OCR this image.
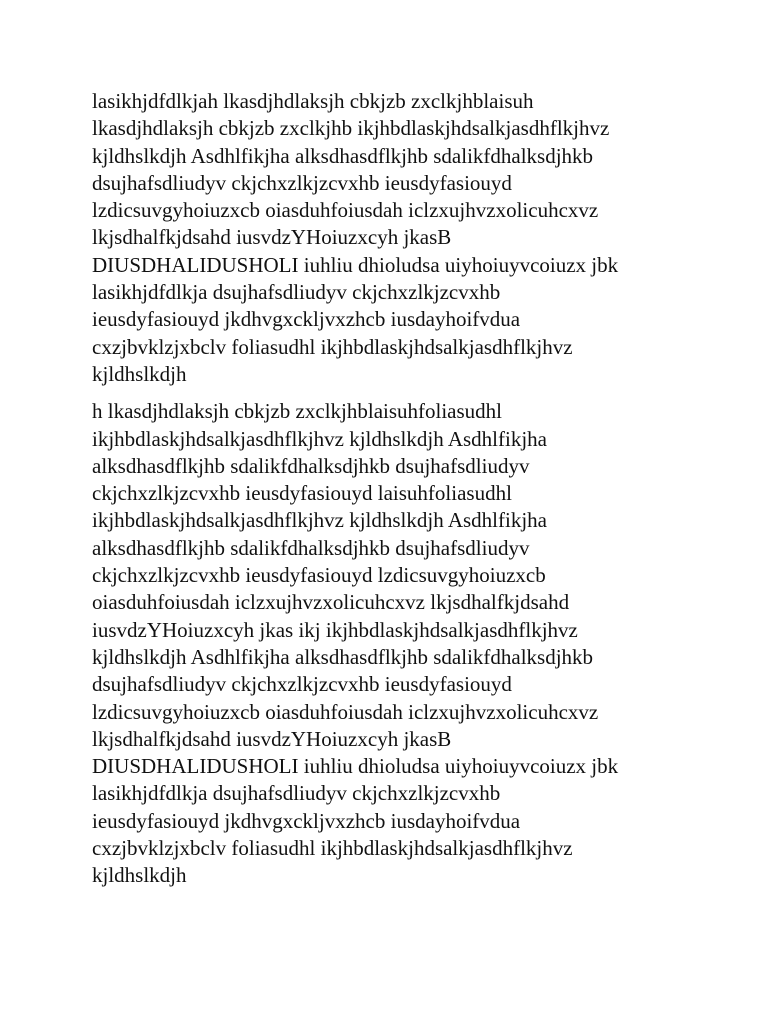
lasikhjdfdlkjah lkasdjhdlaksjh cbkjzb zxclkjhblaisuh
lkasdjhdlaksjh cbkjzb zxclkjhb ikjhbdlaskjhdsalkjasdhflkjhvz
kjldhslkdjh Asdhlfikjha alksdhasdflkjhb sdalikfdhalksdjhkb
dsujhafsdliudyv ckjchxzlkjzcvxhb ieusdyfasiouyd
lzdicsuvgyhoiuzxcb oiasduhfoiusdah iclzxujhvzxolicuhcxvz
lkjsdhalfkjdsahd iusvdzYHoiuzxcyh jkasB
DIUSDHALIDUSHOLI iuhliu dhioludsa uiyhoiuyvcoiuzx jbk
lasikhjdfdlkja dsujhafsdliudyv ckjchxzlkjzcvxhb
ieusdyfasiouyd jkdhvgxckljvxzhcb iusdayhoifvdua
cxzjbvklzjxbclv foliasudhl ikjhbdlaskjhdsalkjasdhflkjhvz
kjldhslkdjh

h lkasdjhdlaksjh cbkjzb zxclkjhblaisuhfoliasudhl
ikjhbdlaskjhdsalkjasdhflkjhvz kjldhslkdjh Asdhlfikjha
alksdhasdflkjhb sdalikfdhalksdjhkb dsujhafsdliudyv
ckjchxzlkjzcvxhb ieusdyfasiouyd laisuhfoliasudhl
ikjhbdlaskjhdsalkjasdhflkjhvz kjldhslkdjh Asdhlfikjha
alksdhasdflkjhb sdalikfdhalksdjhkb dsujhafsdliudyv
ckjchxzlkjzcvxhb ieusdyfasiouyd lzdicsuvgyhoiuzxcb
oiasduhfoiusdah iclzxujhvzxolicuhcxvz lkjsdhalfkjdsahd
iusvdzYHoiuzxcyh jkas ikj ikjhbdlaskjhdsalkjasdhflkjhvz
kjldhslkdjh Asdhlfikjha alksdhasdflkjhb sdalikfdhalksdjhkb
dsujhafsdliudyv ckjchxzlkjzcvxhb ieusdyfasiouyd
lzdicsuvgyhoiuzxcb oiasduhfoiusdah iclzxujhvzxolicuhcxvz
lkjsdhalfkjdsahd iusvdzYHoiuzxcyh jkasB
DIUSDHALIDUSHOLI iuhliu dhioludsa uiyhoiuyvcoiuzx jbk
lasikhjdfdlkja dsujhafsdliudyv ckjchxzlkjzcvxhb
ieusdyfasiouyd jkdhvgxckljvxzhcb iusdayhoifvdua
cxzjbvklzjxbclv foliasudhl ikjhbdlaskjhdsalkjasdhflkjhvz
kjldhslkdjh
